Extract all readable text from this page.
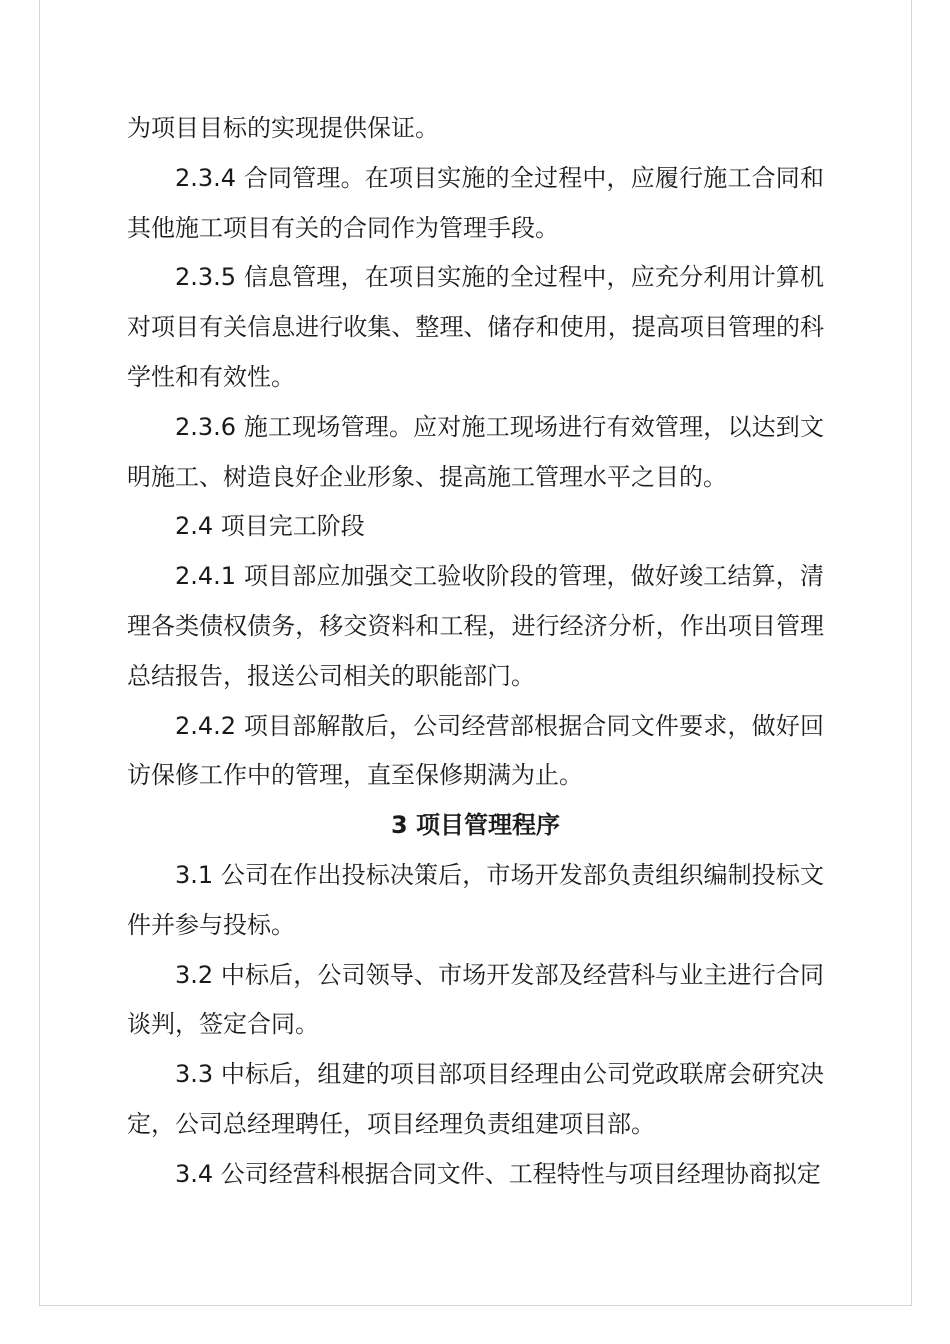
为项目目标的实现提供保证。

2.3.4 合同管理。在项目实施的全过程中，应履行施工合同和其他施工项目有关的合同作为管理手段。

2.3.5 信息管理，在项目实施的全过程中，应充分利用计算机对项目有关信息进行收集、整理、储存和使用，提高项目管理的科学性和有效性。

2.3.6 施工现场管理。应对施工现场进行有效管理，以达到文明施工、树造良好企业形象、提高施工管理水平之目的。

2.4 项目完工阶段

2.4.1 项目部应加强交工验收阶段的管理，做好竣工结算，清理各类债权债务，移交资料和工程，进行经济分析，作出项目管理总结报告，报送公司相关的职能部门。

2.4.2 项目部解散后，公司经营部根据合同文件要求，做好回访保修工作中的管理，直至保修期满为止。

3 项目管理程序

3.1 公司在作出投标决策后，市场开发部负责组织编制投标文件并参与投标。

3.2 中标后，公司领导、市场开发部及经营科与业主进行合同谈判，签定合同。

3.3 中标后，组建的项目部项目经理由公司党政联席会研究决定，公司总经理聘任，项目经理负责组建项目部。

3.4 公司经营科根据合同文件、工程特性与项目经理协商拟定
